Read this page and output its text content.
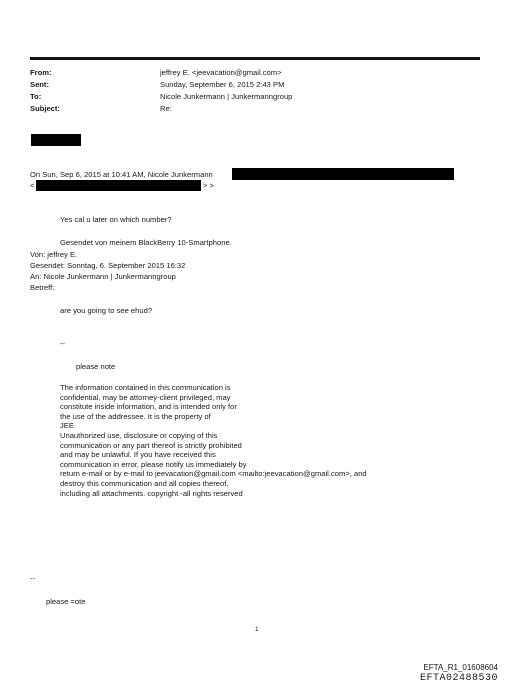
From:	jeffrey E. <jeevacation@gmail.com>
Sent:	Sunday, September 6, 2015 2:43 PM
To:	Nicole Junkermann | Junkermanngroup
Subject:	Re:
On Sun, Sep 6, 2015 at 10:41 AM, Nicole Junkermann
<	> >
Yes cal u later on which number?
Gesendet von meinem BlackBerry 10-Smartphone.
Von: jeffrey E.
Gesendet: Sonntag, 6. September 2015 16:32
An: Nicole Junkermann | Junkermanngroup
Betreff:
are you going to see ehud?
--
please note
The information contained in this communication is
confidential, may be attorney-client privileged, may
constitute inside information, and is intended only for
the use of the addressee. It is the property of
JEE
Unauthorized use, disclosure or copying of this
communication or any part thereof is strictly prohibited
and may be unlawful. If you have received this
communication in error, please notify us immediately by
return e-mail or by e-mail to jeevacation@gmail.com <mailto:jeevacation@gmail.com>, and
destroy this communication and all copies thereof,
including all attachments. copyright -all rights reserved
--
please =ote
1
EFTA_R1_01608604
EFTA02488530
